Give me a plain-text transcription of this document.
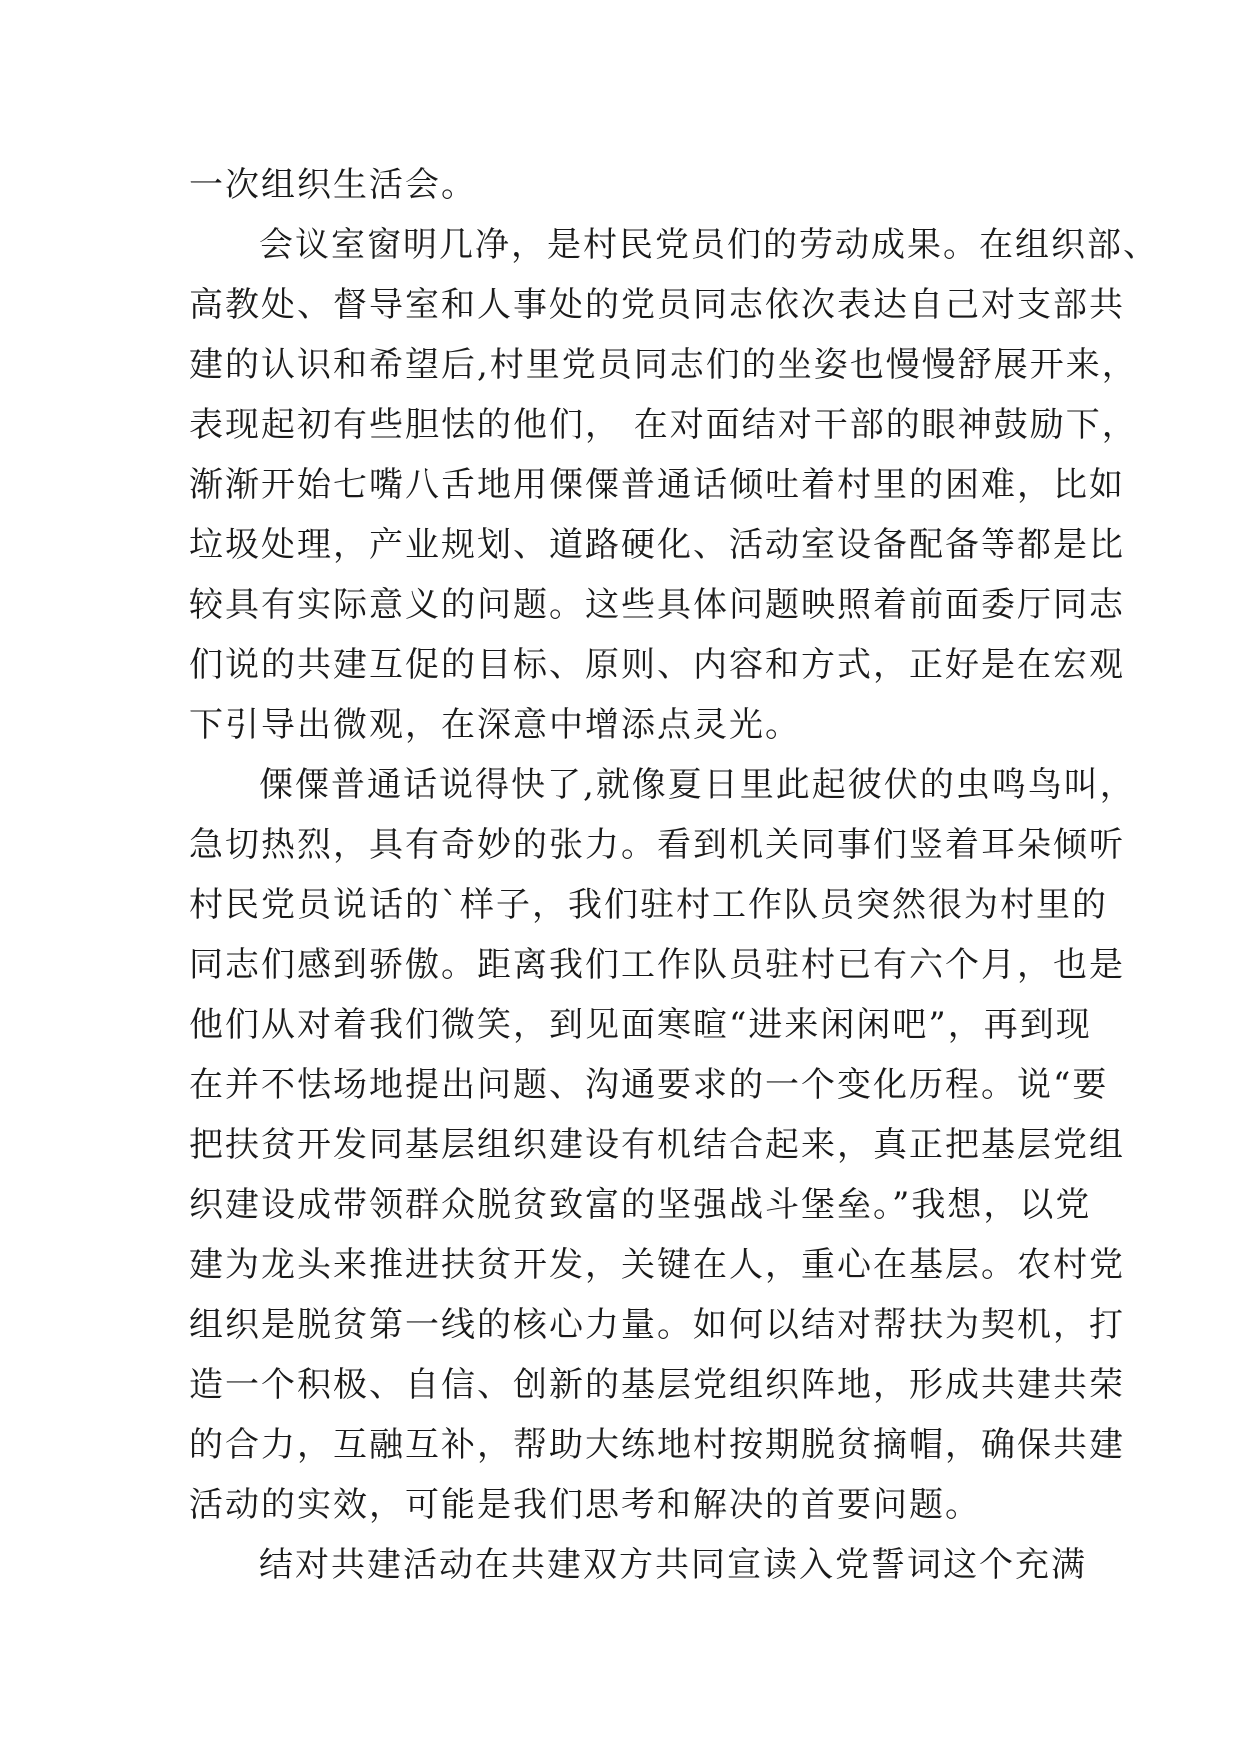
一次组织生活会。
会议室窗明几净，是村民党员们的劳动成果。在组织部、
高教处、督导室和人事处的党员同志依次表达自己对支部共
建的认识和希望后,村里党员同志们的坐姿也慢慢舒展开来，
表现起初有些胆怯的他们， 在对面结对干部的眼神鼓励下，
渐渐开始七嘴八舌地用傈僳普通话倾吐着村里的困难，比如
垃圾处理，产业规划、道路硬化、活动室设备配备等都是比
较具有实际意义的问题。这些具体问题映照着前面委厅同志
们说的共建互促的目标、原则、内容和方式，正好是在宏观
下引导出微观，在深意中增添点灵光。
傈僳普通话说得快了,就像夏日里此起彼伏的虫鸣鸟叫，
急切热烈，具有奇妙的张力。看到机关同事们竖着耳朵倾听
村民党员说话的`样子，我们驻村工作队员突然很为村里的
同志们感到骄傲。距离我们工作队员驻村已有六个月，也是
他们从对着我们微笑，到见面寒暄“进来闲闲吧”，再到现
在并不怯场地提出问题、沟通要求的一个变化历程。说“要
把扶贫开发同基层组织建设有机结合起来，真正把基层党组
织建设成带领群众脱贫致富的坚强战斗堡垒。”我想，以党
建为龙头来推进扶贫开发，关键在人，重心在基层。农村党
组织是脱贫第一线的核心力量。如何以结对帮扶为契机，打
造一个积极、自信、创新的基层党组织阵地，形成共建共荣
的合力，互融互补，帮助大练地村按期脱贫摘帽，确保共建
活动的实效，可能是我们思考和解决的首要问题。
结对共建活动在共建双方共同宣读入党誓词这个充满
